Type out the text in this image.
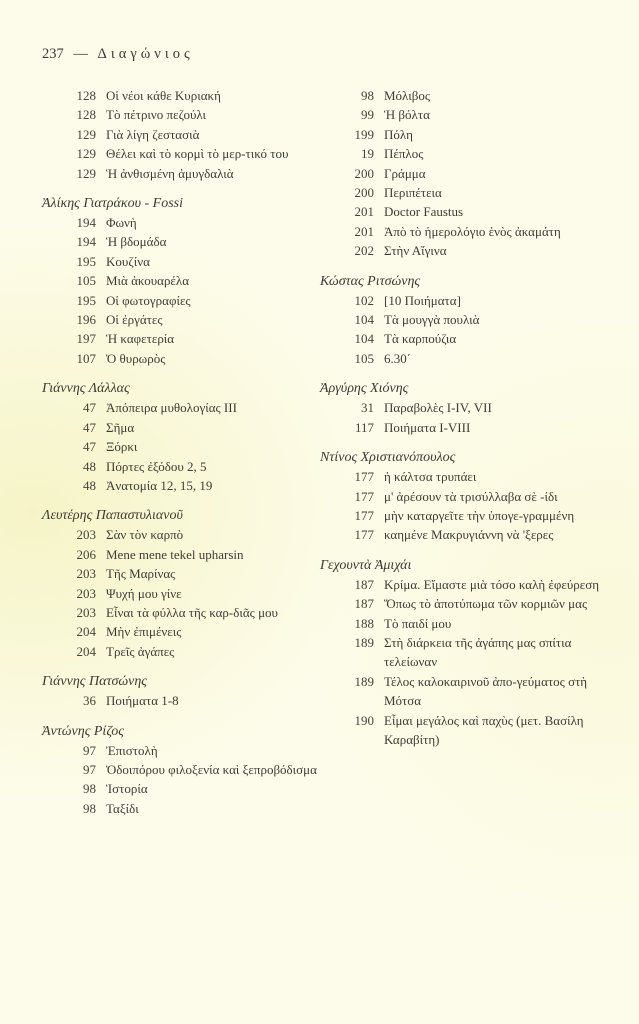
237 — Διαγώνιος
128 Οἱ νέοι κάθε Κυριακή
128 Τὸ πέτρινο πεζούλι
129 Γιὰ λίγη ζεστασιὰ
129 Θέλει καὶ τὸ κορμὶ τὸ μερ-τικό του
129 Ἡ ἀνθισμένη ἀμυγδαλιὰ
Ἀλίκης Γιατράκου - Fossi
194 Φωνὴ
194 Ἡ βδομάδα
195 Κουζίνα
105 Μιὰ ἀκουαρέλα
195 Οἱ φωτογραφίες
196 Οἱ ἐργάτες
197 Ἡ καφετερία
107 Ὁ θυρωρὸς
Γιάννης Λάλλας
47 Ἀπόπειρα μυθολογίας ΙΙΙ
47 Σῆμα
47 Ξόρκι
48 Πόρτες ἐξόδου 2, 5
48 Ἀνατομία 12, 15, 19
Λευτέρης Παπαστυλιανοῦ
203 Σὰν τὸν καρπὸ
206 Mene mene tekel upharsin
203 Τῆς Μαρίνας
203 Ψυχή μου γίνε
203 Εἶναι τὰ φύλλα τῆς καρ-διᾶς μου
204 Μὴν ἐπιμένεις
204 Τρεῖς ἀγάπες
Γιάννης Πατσώνης
36 Ποιήματα 1-8
Ἀντώνης Ρίζος
97 Ἐπιστολὴ
97 Ὁδοιπόρου φιλοξενία καὶ ξεπροβόδισμα
98 Ἱστορία
98 Ταξίδι
98 Μόλιβος
99 Ἡ βόλτα
199 Πόλη
19 Πέπλος
200 Γράμμα
200 Περιπέτεια
201 Doctor Faustus
201 Ἀπὸ τὸ ἡμερολόγιο ἑνὸς ἀκαμάτη
202 Στὴν Αἴγινα
Κώστας Ριτσώνης
102 [10 Ποιήματα]
104 Τὰ μουγγὰ πουλιὰ
104 Τὰ καρπούζια
105 6.30΄
Ἀργύρης Χιόνης
31 Παραβολὲς I-IV, VII
117 Ποιήματα I-VIII
Ντίνος Χριστιανόπουλος
177 ἡ κάλτσα τρυπάει
177 μ' ἀρέσουν τὰ τρισύλλαβα σὲ -ίδι
177 μὴν καταργεῖτε τὴν ὑπογε-γραμμένη
177 καημένε Μακρυγιάννη νὰ 'ξερες
Γεχουντὰ Ἀμιχάι
187 Κρίμα. Εἴμαστε μιὰ τόσο καλὴ ἐφεύρεση
187 Ὅπως τὸ ἀποτύπωμα τῶν κορμιῶν μας
188 Τὸ παιδί μου
189 Στὴ διάρκεια τῆς ἀγάπης μας σπίτια τελείωναν
189 Τέλος καλοκαιρινοῦ ἀπο-γεύματος στὴ Μότσα
190 Εἶμαι μεγάλος καὶ παχὺς (μετ. Βασίλη Καραβίτη)
